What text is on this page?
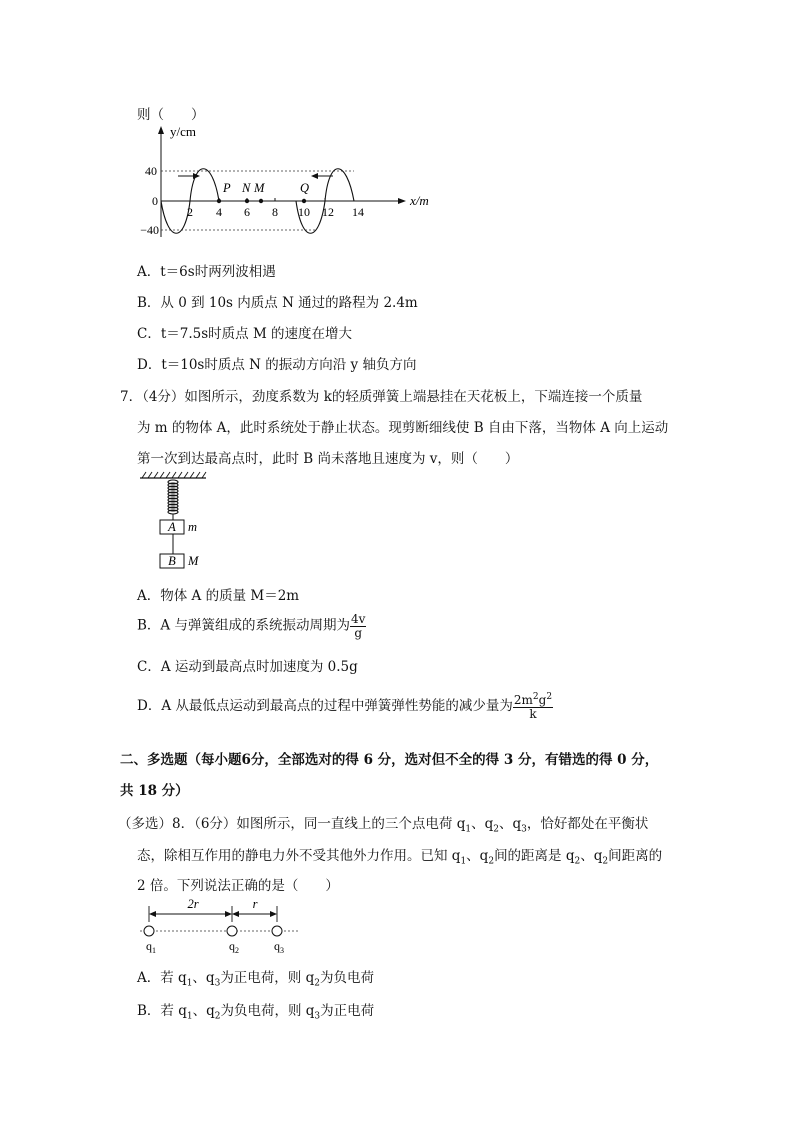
则（　　）
y/cm
x/m
40
0
−40
2 4 6 8 10 12 14
P N M	Q
A．t＝6s时两列波相遇
B．从 0 到 10s 内质点 N 通过的路程为 2.4m
C．t＝7.5s时质点 M 的速度在增大
D．t＝10s时质点 N 的振动方向沿 y 轴负方向
7．（4分）如图所示，劲度系数为 k的轻质弹簧上端悬挂在天花板上，下端连接一个质量
为 m 的物体 A，此时系统处于静止状态。现剪断细线使 B 自由下落，当物体 A 向上运动
第一次到达最高点时，此时 B 尚未落地且速度为 v，则（　　）
A m
B M
A．物体 A 的质量 M＝2m
B．A 与弹簧组成的系统振动周期为 $\frac{4v}{g}$
C．A 运动到最高点时加速度为 0.5g
D．A 从最低点运动到最高点的过程中弹簧弹性势能的减少量为 $\frac{2m^2g^2}{k}$
二、多选题（每小题6分，全部选对的得 6 分，选对但不全的得 3 分，有错选的得 0 分，
共 18 分）
（多选）8．（6分）如图所示，同一直线上的三个点电荷 $q_1$、$q_2$、$q_3$，恰好都处在平衡状
态，除相互作用的静电力外不受其他外力作用。已知 $q_1$、$q_2$间的距离是 $q_2$、$q_2$间距离的
2 倍。下列说法正确的是（　　）
2r	r
$q_1$	$q_2$	$q_3$
A．若 $q_1$、$q_3$为正电荷，则 $q_2$为负电荷
B．若 $q_1$、$q_2$为负电荷，则 $q_3$为正电荷
